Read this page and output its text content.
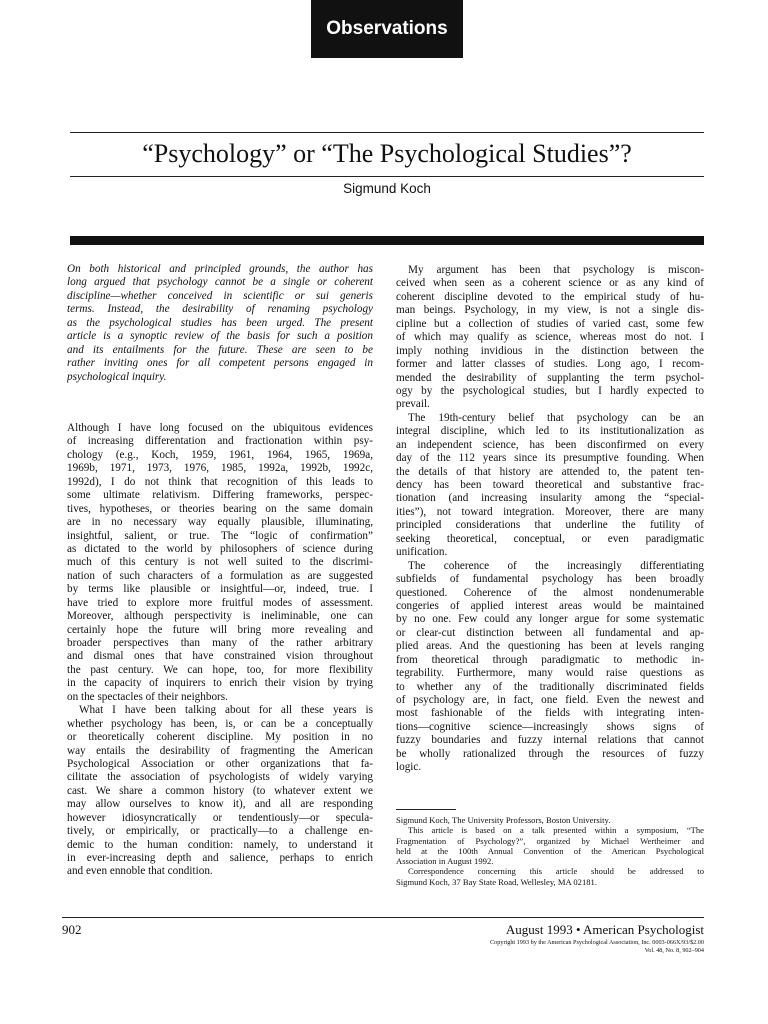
Observations
“Psychology” or “The Psychological Studies”?
Sigmund Koch
On both historical and principled grounds, the author has
long argued that psychology cannot be a single or coherent
discipline—whether conceived in scientific or sui generis
terms. Instead, the desirability of renaming psychology
as the psychological studies has been urged. The present
article is a synoptic review of the basis for such a position
and its entailments for the future. These are seen to be
rather inviting ones for all competent persons engaged in
psychological inquiry.
Although I have long focused on the ubiquitous evidences
of increasing differentation and fractionation within psy-
chology (e.g., Koch, 1959, 1961, 1964, 1965, 1969a,
1969b, 1971, 1973, 1976, 1985, 1992a, 1992b, 1992c,
1992d), I do not think that recognition of this leads to
some ultimate relativism. Differing frameworks, perspec-
tives, hypotheses, or theories bearing on the same domain
are in no necessary way equally plausible, illuminating,
insightful, salient, or true. The “logic of confirmation”
as dictated to the world by philosophers of science during
much of this century is not well suited to the discrimi-
nation of such characters of a formulation as are suggested
by terms like plausible or insightful—or, indeed, true. I
have tried to explore more fruitful modes of assessment.
Moreover, although perspectivity is ineliminable, one can
certainly hope the future will bring more revealing and
broader perspectives than many of the rather arbitrary
and dismal ones that have constrained vision throughout
the past century. We can hope, too, for more flexibility
in the capacity of inquirers to enrich their vision by trying
on the spectacles of their neighbors.
What I have been talking about for all these years is
whether psychology has been, is, or can be a conceptually
or theoretically coherent discipline. My position in no
way entails the desirability of fragmenting the American
Psychological Association or other organizations that fa-
cilitate the association of psychologists of widely varying
cast. We share a common history (to whatever extent we
may allow ourselves to know it), and all are responding
however idiosyncratically or tendentiously—or specula-
tively, or empirically, or practically—to a challenge en-
demic to the human condition: namely, to understand it
in ever-increasing depth and salience, perhaps to enrich
and even ennoble that condition.
My argument has been that psychology is miscon-
ceived when seen as a coherent science or as any kind of
coherent discipline devoted to the empirical study of hu-
man beings. Psychology, in my view, is not a single dis-
cipline but a collection of studies of varied cast, some few
of which may qualify as science, whereas most do not. I
imply nothing invidious in the distinction between the
former and latter classes of studies. Long ago, I recom-
mended the desirability of supplanting the term psychol-
ogy by the psychological studies, but I hardly expected to
prevail.
The 19th-century belief that psychology can be an
integral discipline, which led to its institutionalization as
an independent science, has been disconfirmed on every
day of the 112 years since its presumptive founding. When
the details of that history are attended to, the patent ten-
dency has been toward theoretical and substantive frac-
tionation (and increasing insularity among the “special-
ities”), not toward integration. Moreover, there are many
principled considerations that underline the futility of
seeking theoretical, conceptual, or even paradigmatic
unification.
The coherence of the increasingly differentiating
subfields of fundamental psychology has been broadly
questioned. Coherence of the almost nondenumerable
congeries of applied interest areas would be maintained
by no one. Few could any longer argue for some systematic
or clear-cut distinction between all fundamental and ap-
plied areas. And the questioning has been at levels ranging
from theoretical through paradigmatic to methodic in-
tegrability. Furthermore, many would raise questions as
to whether any of the traditionally discriminated fields
of psychology are, in fact, one field. Even the newest and
most fashionable of the fields with integrating inten-
tions—cognitive science—increasingly shows signs of
fuzzy boundaries and fuzzy internal relations that cannot
be wholly rationalized through the resources of fuzzy
logic.
Sigmund Koch, The University Professors, Boston University.
This article is based on a talk presented within a symposium, “The
Fragmentation of Psychology?”, organized by Michael Wertheimer and
held at the 100th Annual Convention of the American Psychological
Association in August 1992.
Correspondence concerning this article should be addressed to
Sigmund Koch, 37 Bay State Road, Wellesley, MA 02181.
902	August 1993 • American Psychologist
Copyright 1993 by the American Psychological Association, Inc. 0003-066X/93/$2.00
Vol. 48, No. 8, 902–904
